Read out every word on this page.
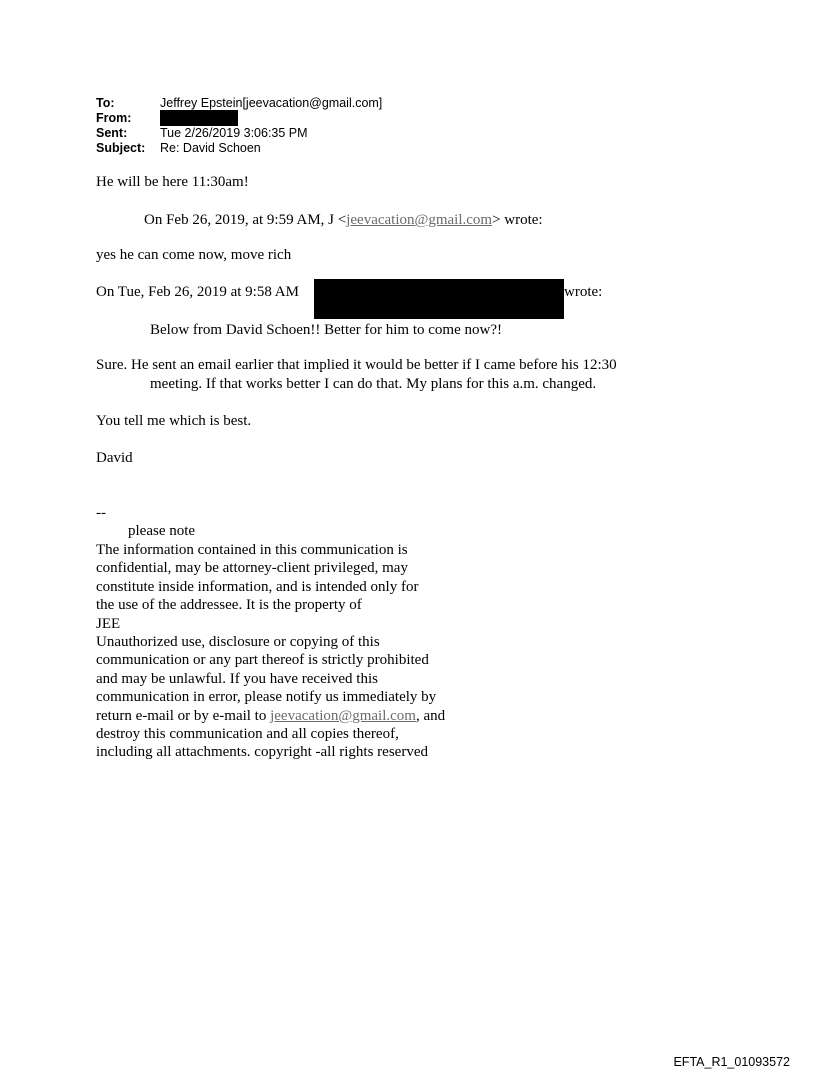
To:	Jeffrey Epstein[jeevacation@gmail.com]
From:
Sent:	Tue 2/26/2019 3:06:35 PM
Subject:	Re: David Schoen
He will be here 11:30am!
On Feb 26, 2019, at 9:59 AM, J <jeevacation@gmail.com> wrote:
yes he can come now, move rich
On Tue, Feb 26, 2019 at 9:58 AM	wrote:
Below from David Schoen!! Better for him to come now?!
Sure. He sent an email earlier that implied it would be better if I came before his 12:30
meeting. If that works better I can do that. My plans for this a.m. changed.
You tell me which is best.
David
--
please note
The information contained in this communication is
confidential, may be attorney-client privileged, may
constitute inside information, and is intended only for
the use of the addressee. It is the property of
JEE
Unauthorized use, disclosure or copying of this
communication or any part thereof is strictly prohibited
and may be unlawful. If you have received this
communication in error, please notify us immediately by
return e-mail or by e-mail to jeevacation@gmail.com, and
destroy this communication and all copies thereof,
including all attachments. copyright -all rights reserved
EFTA_R1_01093572
